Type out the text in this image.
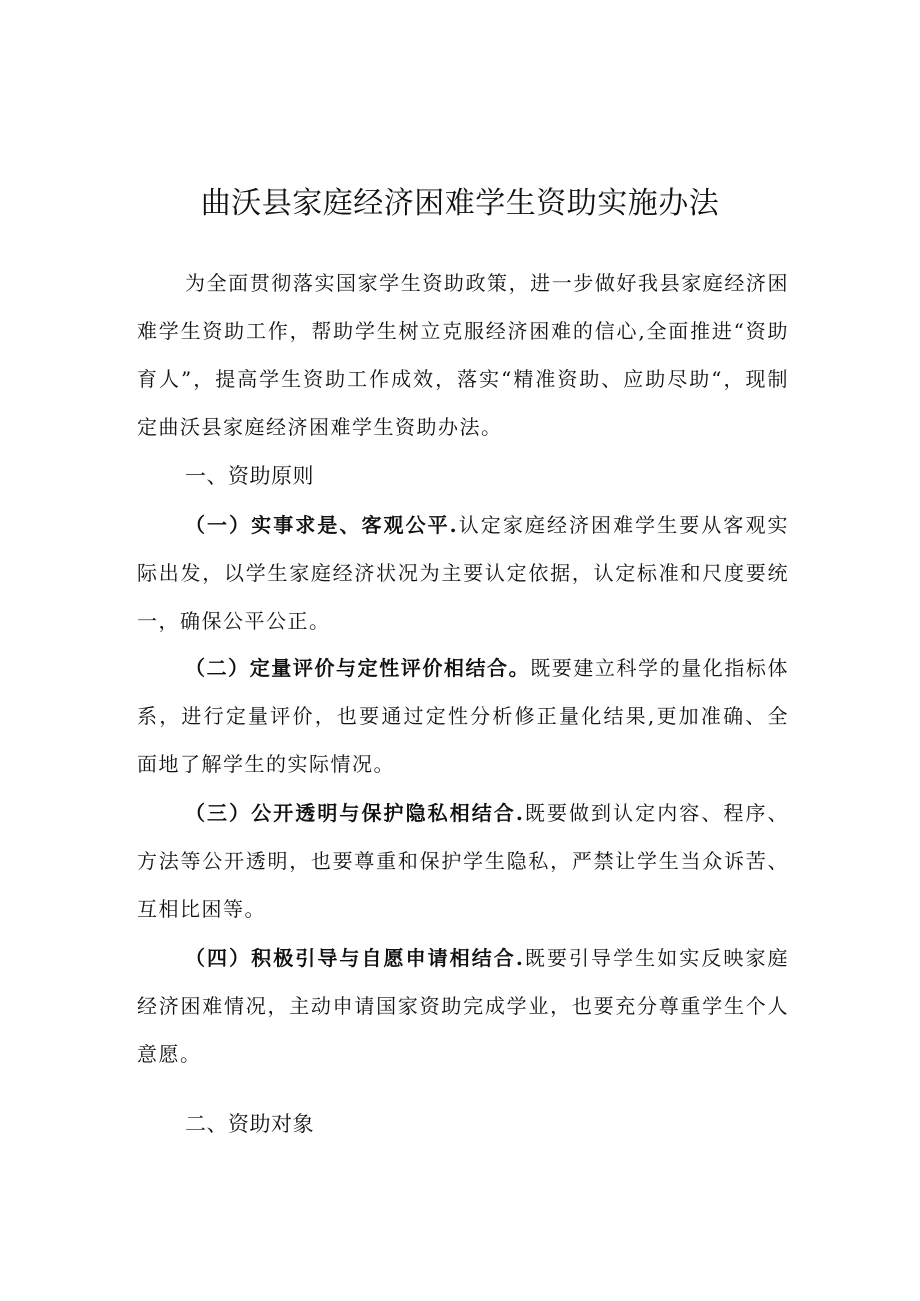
曲沃县家庭经济困难学生资助实施办法
为全面贯彻落实国家学生资助政策，进一步做好我县家庭经济困难学生资助工作，帮助学生树立克服经济困难的信心,全面推进“资助育人”，提高学生资助工作成效，落实“精准资助、应助尽助“，现制定曲沃县家庭经济困难学生资助办法。
一、资助原则
（一）实事求是、客观公平.认定家庭经济困难学生要从客观实际出发，以学生家庭经济状况为主要认定依据，认定标准和尺度要统一，确保公平公正。
（二）定量评价与定性评价相结合。既要建立科学的量化指标体系，进行定量评价，也要通过定性分析修正量化结果,更加准确、全面地了解学生的实际情况。
（三）公开透明与保护隐私相结合.既要做到认定内容、程序、方法等公开透明，也要尊重和保护学生隐私，严禁让学生当众诉苦、互相比困等。
（四）积极引导与自愿申请相结合.既要引导学生如实反映家庭经济困难情况，主动申请国家资助完成学业，也要充分尊重学生个人意愿。
二、资助对象
